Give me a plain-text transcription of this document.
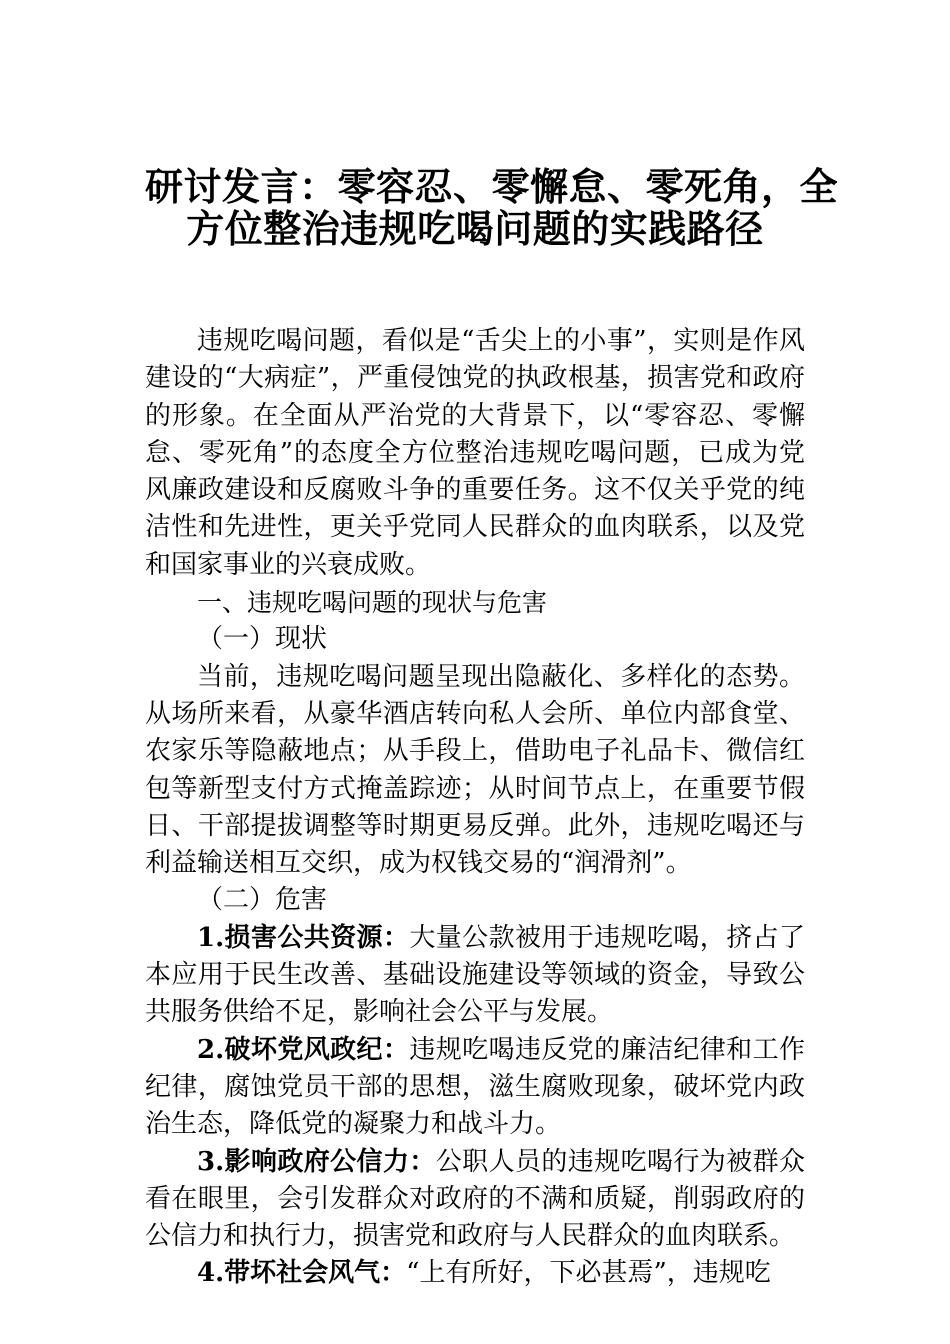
研讨发言：零容忍、零懈怠、零死角，全
方位整治违规吃喝问题的实践路径

违规吃喝问题，看似是“舌尖上的小事”，实则是作风建设的“大病症”，严重侵蚀党的执政根基，损害党和政府的形象。在全面从严治党的大背景下，以“零容忍、零懈怠、零死角”的态度全方位整治违规吃喝问题，已成为党风廉政建设和反腐败斗争的重要任务。这不仅关乎党的纯洁性和先进性，更关乎党同人民群众的血肉联系，以及党和国家事业的兴衰成败。

一、违规吃喝问题的现状与危害

（一）现状

当前，违规吃喝问题呈现出隐蔽化、多样化的态势。从场所来看，从豪华酒店转向私人会所、单位内部食堂、农家乐等隐蔽地点；从手段上，借助电子礼品卡、微信红包等新型支付方式掩盖踪迹；从时间节点上，在重要节假日、干部提拔调整等时期更易反弹。此外，违规吃喝还与利益输送相互交织，成为权钱交易的“润滑剂”。

（二）危害

1.损害公共资源：大量公款被用于违规吃喝，挤占了本应用于民生改善、基础设施建设等领域的资金，导致公共服务供给不足，影响社会公平与发展。

2.破坏党风政纪：违规吃喝违反党的廉洁纪律和工作纪律，腐蚀党员干部的思想，滋生腐败现象，破坏党内政治生态，降低党的凝聚力和战斗力。

3.影响政府公信力：公职人员的违规吃喝行为被群众看在眼里，会引发群众对政府的不满和质疑，削弱政府的公信力和执行力，损害党和政府与人民群众的血肉联系。

4.带坏社会风气：“上有所好，下必甚焉”，违规吃
